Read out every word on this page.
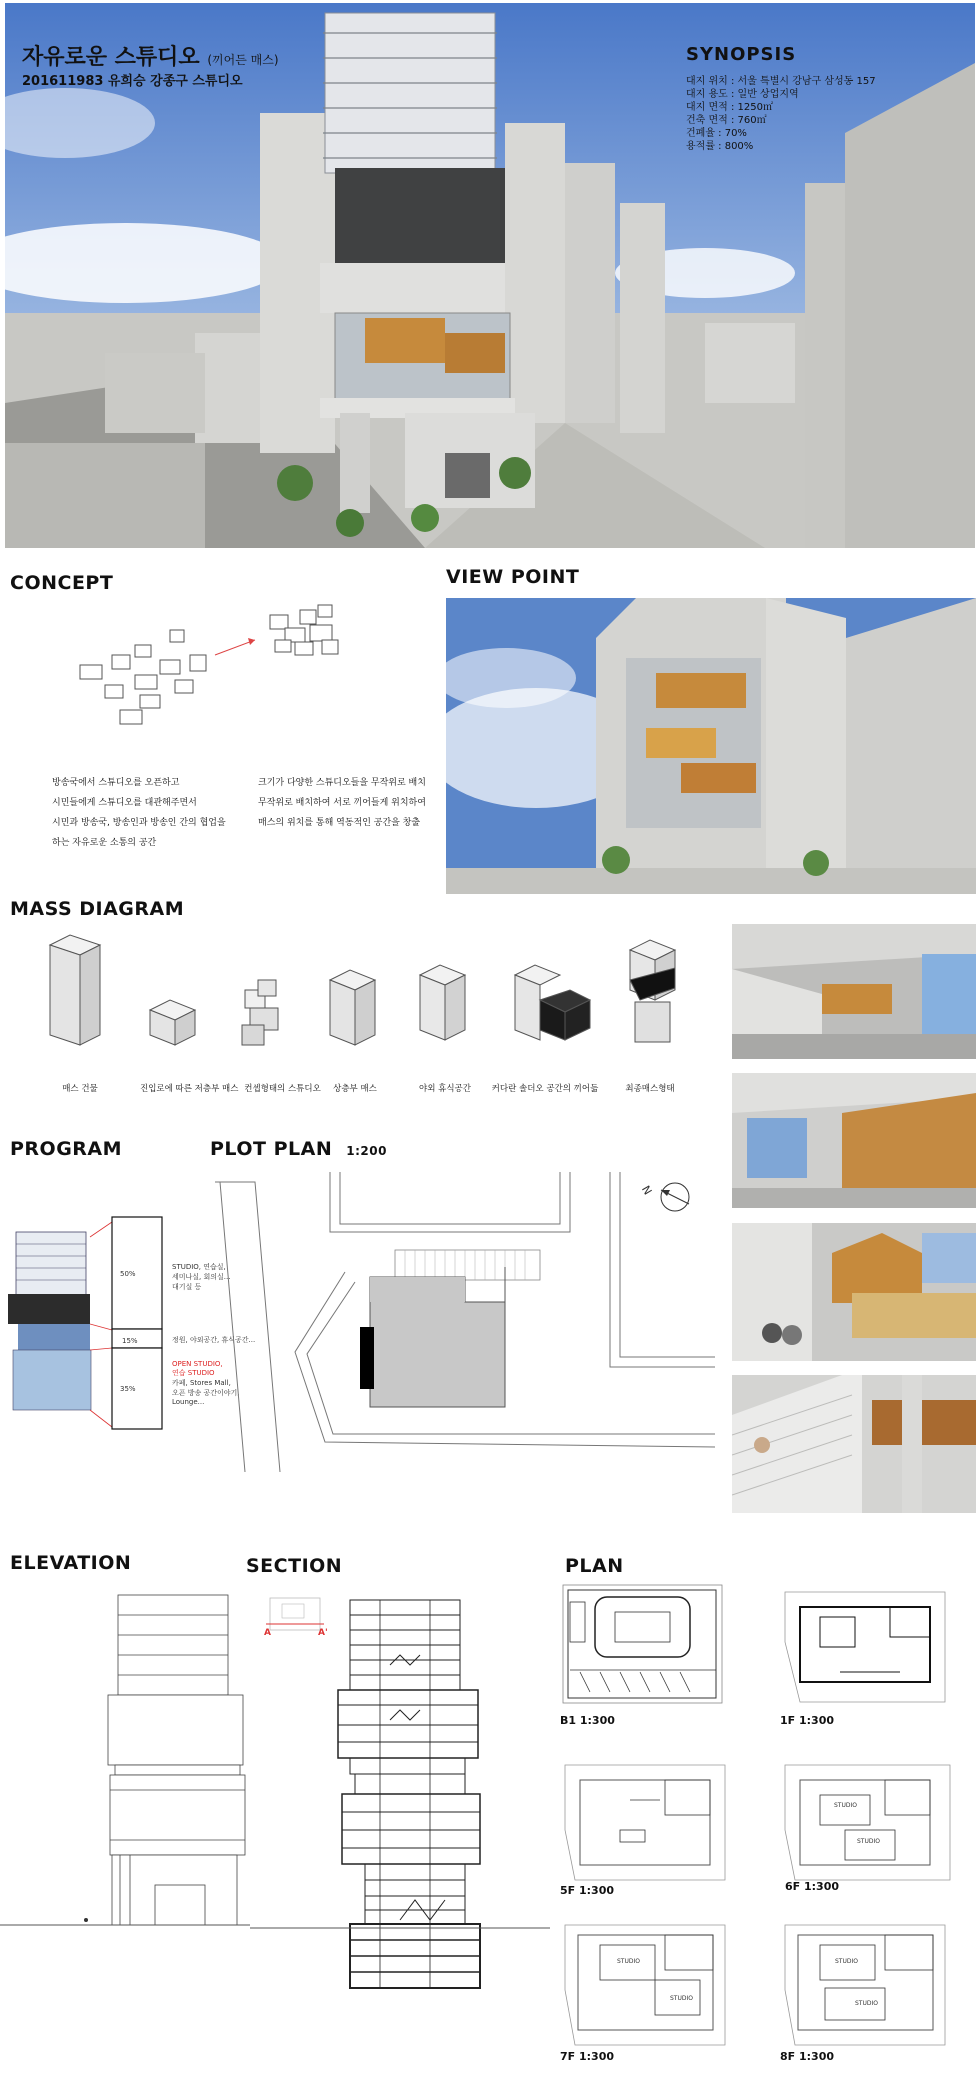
자유로운 스튜디오 (끼어든 매스)
201611983 유희승 강종구 스튜디오
SYNOPSIS
대지 위치 : 서울 특별시 강남구 삼성동 157
대지 용도 : 일반 상업지역
대지 면적 : 1250㎡
건축 면적 : 760㎡
건폐율 : 70%
용적률 : 800%
CONCEPT
방송국에서 스튜디오를 오픈하고
시민들에게 스튜디오를 대관해주면서
시민과 방송국, 방송인과 방송인 간의 협업을
하는 자유로운 소통의 공간
크기가 다양한 스튜디오들을 무작위로 배치
무작위로 배치하여 서로 끼어들게 위치하여
매스의 위치를 통해 역동적인 공간을 창출
VIEW POINT
MASS DIAGRAM
매스 건물	진입로에 따른 저층부 매스 컨셉형태의 스튜디오	상층부 매스	야외 휴식공간	커다란 솔더오 공간의 끼어듦	최종매스형태
PROGRAM
50%
15%
35%
STUDIO, 연습실,
세미나실, 회의실...
대기실 등
정원, 야외공간, 휴식공간...
OPEN STUDIO,
연습 STUDIO
카페, Stores Mall,
오픈 방송 공간이야기,
Lounge...
PLOT PLAN 1:200
N
ELEVATION	SECTION
A	A'
PLAN
B1 1:300	1F 1:300
5F 1:300
STUDIO
STUDIO
6F 1:300
STUDIO
STUDIO
7F 1:300
STUDIO
STUDIO
8F 1:300
